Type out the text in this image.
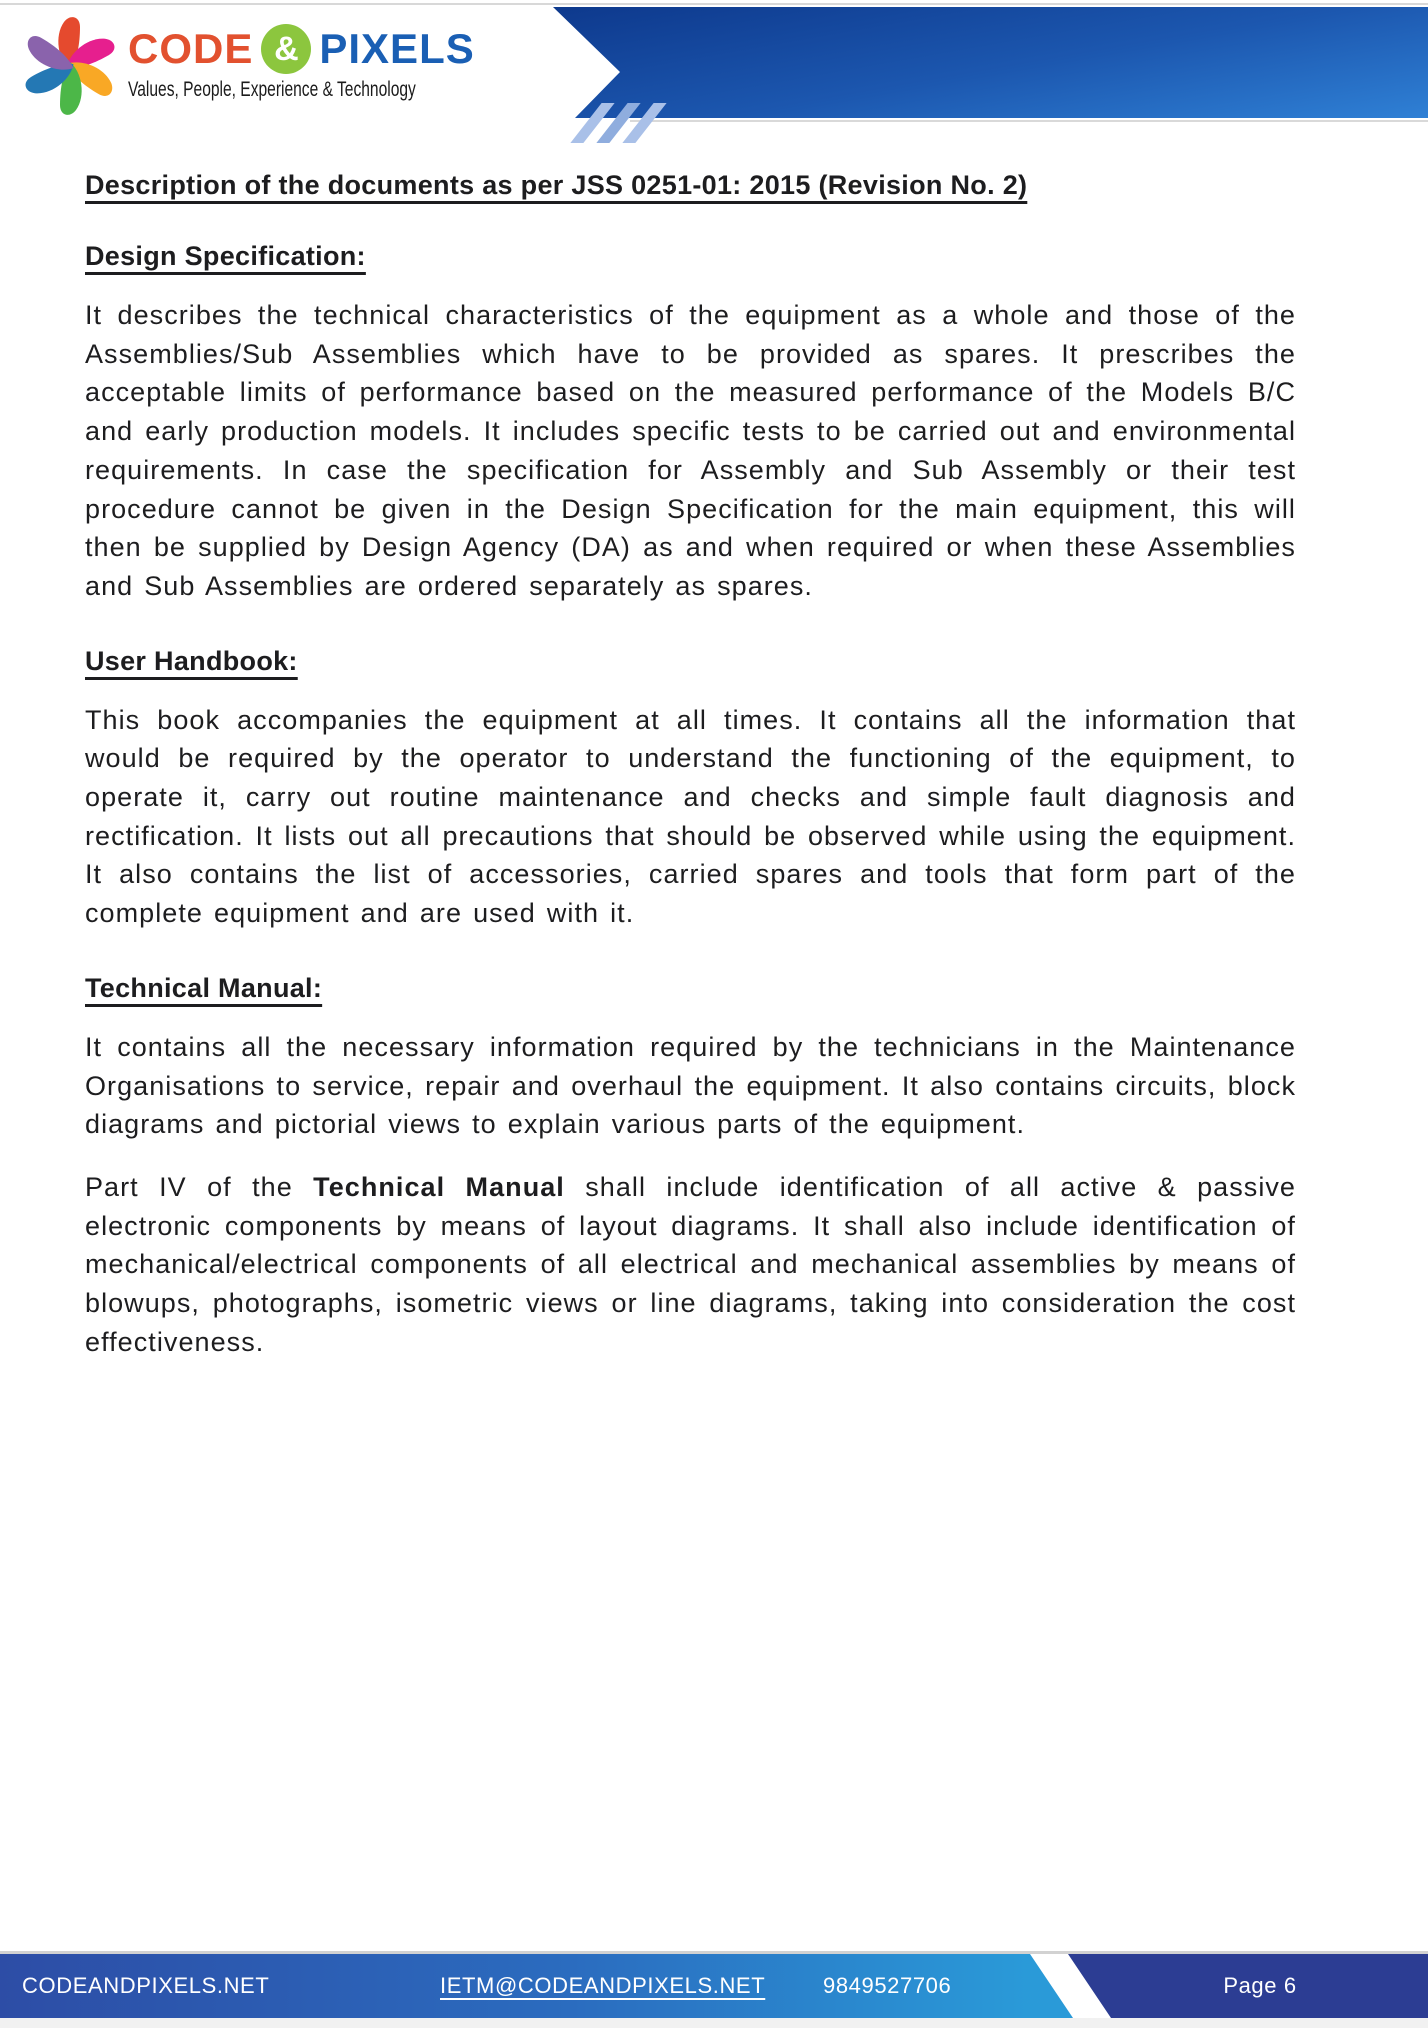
CODE & PIXELS
Values, People, Experience & Technology
Description of the documents as per JSS 0251-01: 2015 (Revision No. 2)
Design Specification:

It describes the technical characteristics of the equipment as a whole and those of the Assemblies/Sub Assemblies which have to be provided as spares. It prescribes the acceptable limits of performance based on the measured performance of the Models B/C and early production models. It includes specific tests to be carried out and environmental requirements. In case the specification for Assembly and Sub Assembly or their test procedure cannot be given in the Design Specification for the main equipment, this will then be supplied by Design Agency (DA) as and when required or when these Assemblies and Sub Assemblies are ordered separately as spares.

User Handbook:

This book accompanies the equipment at all times. It contains all the information that would be required by the operator to understand the functioning of the equipment, to operate it, carry out routine maintenance and checks and simple fault diagnosis and rectification. It lists out all precautions that should be observed while using the equipment. It also contains the list of accessories, carried spares and tools that form part of the complete equipment and are used with it.

Technical Manual:

It contains all the necessary information required by the technicians in the Maintenance Organisations to service, repair and overhaul the equipment. It also contains circuits, block diagrams and pictorial views to explain various parts of the equipment.

Part IV of the Technical Manual shall include identification of all active & passive electronic components by means of layout diagrams. It shall also include identification of mechanical/electrical components of all electrical and mechanical assemblies by means of blowups, photographs, isometric views or line diagrams, taking into consideration the cost effectiveness.

CODEANDPIXELS.NET	IETM@CODEANDPIXELS.NET	9849527706	Page 6
